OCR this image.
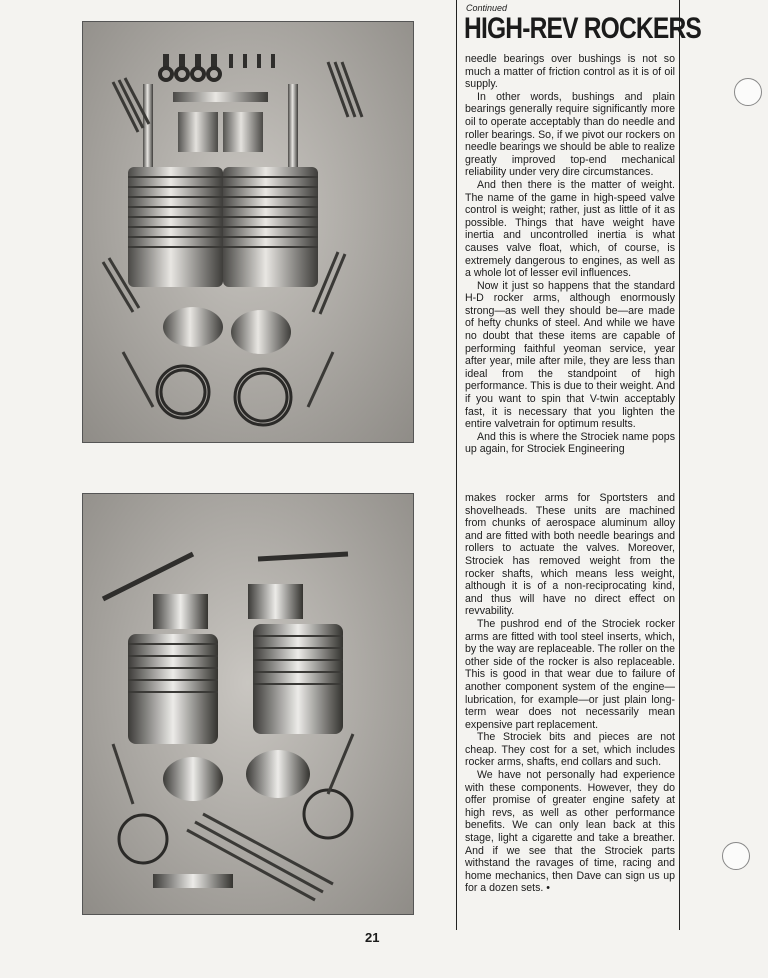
Continued
HIGH-REV ROCKERS

needle bearings over bushings is not so much a matter of friction control as it is of oil supply.

In other words, bushings and plain bearings generally require significantly more oil to operate acceptably than do needle and roller bearings. So, if we pivot our rockers on needle bearings we should be able to realize greatly improved top-end mechanical reliability under very dire circumstances.

And then there is the matter of weight. The name of the game in high-speed valve control is weight; rather, just as little of it as possible. Things that have weight have inertia and uncontrolled inertia is what causes valve float, which, of course, is extremely dangerous to engines, as well as a whole lot of lesser evil influences.

Now it just so happens that the standard H-D rocker arms, although enormously strong—as well they should be—are made of hefty chunks of steel. And while we have no doubt that these items are capable of performing faithful yeoman service, year after year, mile after mile, they are less than ideal from the standpoint of high performance. This is due to their weight. And if you want to spin that V-twin acceptably fast, it is necessary that you lighten the entire valvetrain for optimum results.

And this is where the Strociek name pops up again, for Strociek Engineering

makes rocker arms for Sportsters and shovelheads. These units are machined from chunks of aerospace aluminum alloy and are fitted with both needle bearings and rollers to actuate the valves. Moreover, Strociek has removed weight from the rocker shafts, which means less weight, although it is of a non-reciprocating kind, and thus will have no direct effect on revvability.

The pushrod end of the Strociek rocker arms are fitted with tool steel inserts, which, by the way are replaceable. The roller on the other side of the rocker is also replaceable. This is good in that wear due to failure of another component system of the engine—lubrication, for example—or just plain long-term wear does not necessarily mean expensive part replacement.

The Strociek bits and pieces are not cheap. They cost for a set, which includes rocker arms, shafts, end collars and such.

We have not personally had experience with these components. However, they do offer promise of greater engine safety at high revs, as well as other performance benefits. We can only lean back at this stage, light a cigarette and take a breather. And if we see that the Strociek parts withstand the ravages of time, racing and home mechanics, then Dave can sign us up for a dozen sets. •

21
